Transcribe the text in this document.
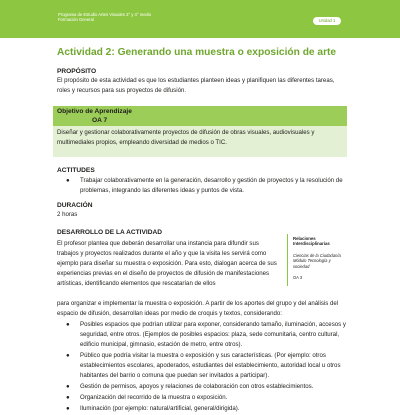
Programa de Estudio Artes Visuales 3° y 4° medio
Formación General	Unidad 1
Actividad 2: Generando una muestra o exposición de arte
PROPÓSITO

El propósito de esta actividad es que los estudiantes planteen ideas y planifiquen las diferentes tareas, roles y recursos para sus proyectos de difusión.

Objetivo de Aprendizaje
OA 7

Diseñar y gestionar colaborativamente proyectos de difusión de obras visuales, audiovisuales y multimediales propios, empleando diversidad de medios o TIC.

ACTITUDES
● Trabajar colaborativamente en la generación, desarrollo y gestión de proyectos y la resolución de problemas, integrando las diferentes ideas y puntos de vista.
DURACIÓN

2 horas

DESARROLLO DE LA ACTIVIDAD

El profesor plantea que deberán desarrollar una instancia para difundir sus trabajos y proyectos realizados durante el año y que la visita les servirá como ejemplo para diseñar su muestra o exposición. Para esto, dialogan acerca de sus experiencias previas en el diseño de proyectos de difusión de manifestaciones artísticas, identificando elementos que rescatarían de ellos

para organizar e implementar la muestra o exposición. A partir de los aportes del grupo y del análisis del espacio de difusión, desarrollan ideas por medio de croquis y textos, considerando:

Relaciones Interdisciplinarias

Ciencias de la Ciudadanía Módulo Tecnología y sociedad

OA 3

● Posibles espacios que podrían utilizar para exponer, considerando tamaño, iluminación, accesos y seguridad, entre otros. (Ejemplos de posibles espacios: plaza, sede comunitaria, centro cultural, edificio municipal, gimnasio, estación de metro, entre otros).
● Público que podría visitar la muestra o exposición y sus características. (Por ejemplo: otros establecimientos escolares, apoderados, estudiantes del establecimiento, autoridad local u otros habitantes del barrio o comuna que puedan ser invitados a participar).
● Gestión de permisos, apoyos y relaciones de colaboración con otros establecimientos.
● Organización del recorrido de la muestra o exposición.
● Iluminación (por ejemplo: natural/artificial, general/dirigida).
